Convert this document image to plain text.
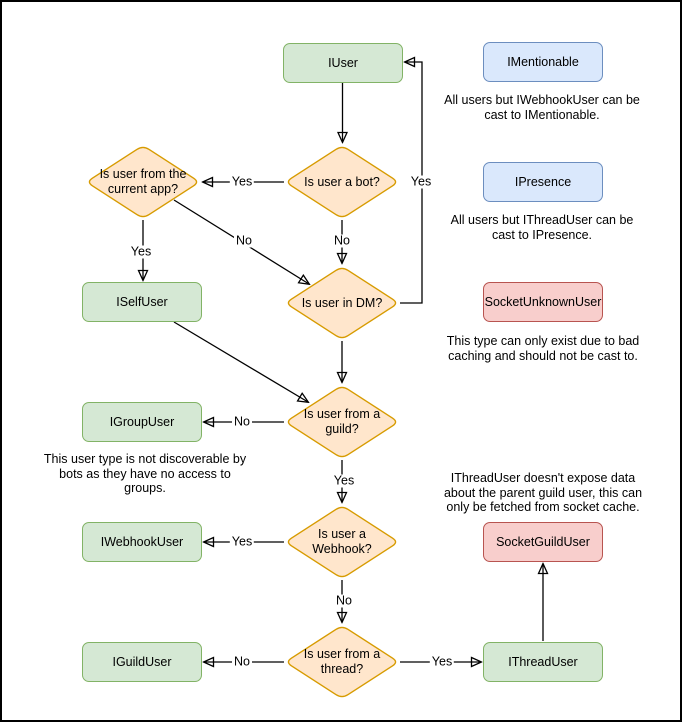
IUser	IMentionable
IPresence
SocketUnknownUser
ISelfUser
IGroupUser
IWebhookUser
IGuildUser	IThreadUser
SocketGuildUser
Is user from the current app?
Is user a bot?
Is user in DM?
Is user from a guild?
Is user a Webhook?
Is user from a thread?
Yes
No
Yes
No
Yes
No
Yes
Yes
No
No	Yes
All users but IWebhookUser can be
cast to IMentionable.
All users but IThreadUser can be
cast to IPresence.
This type can only exist due to bad
caching and should not be cast to.
This user type is not discoverable by
bots as they have no access to
groups.
IThreadUser doesn't expose data
about the parent guild user, this can
only be fetched from socket cache.
